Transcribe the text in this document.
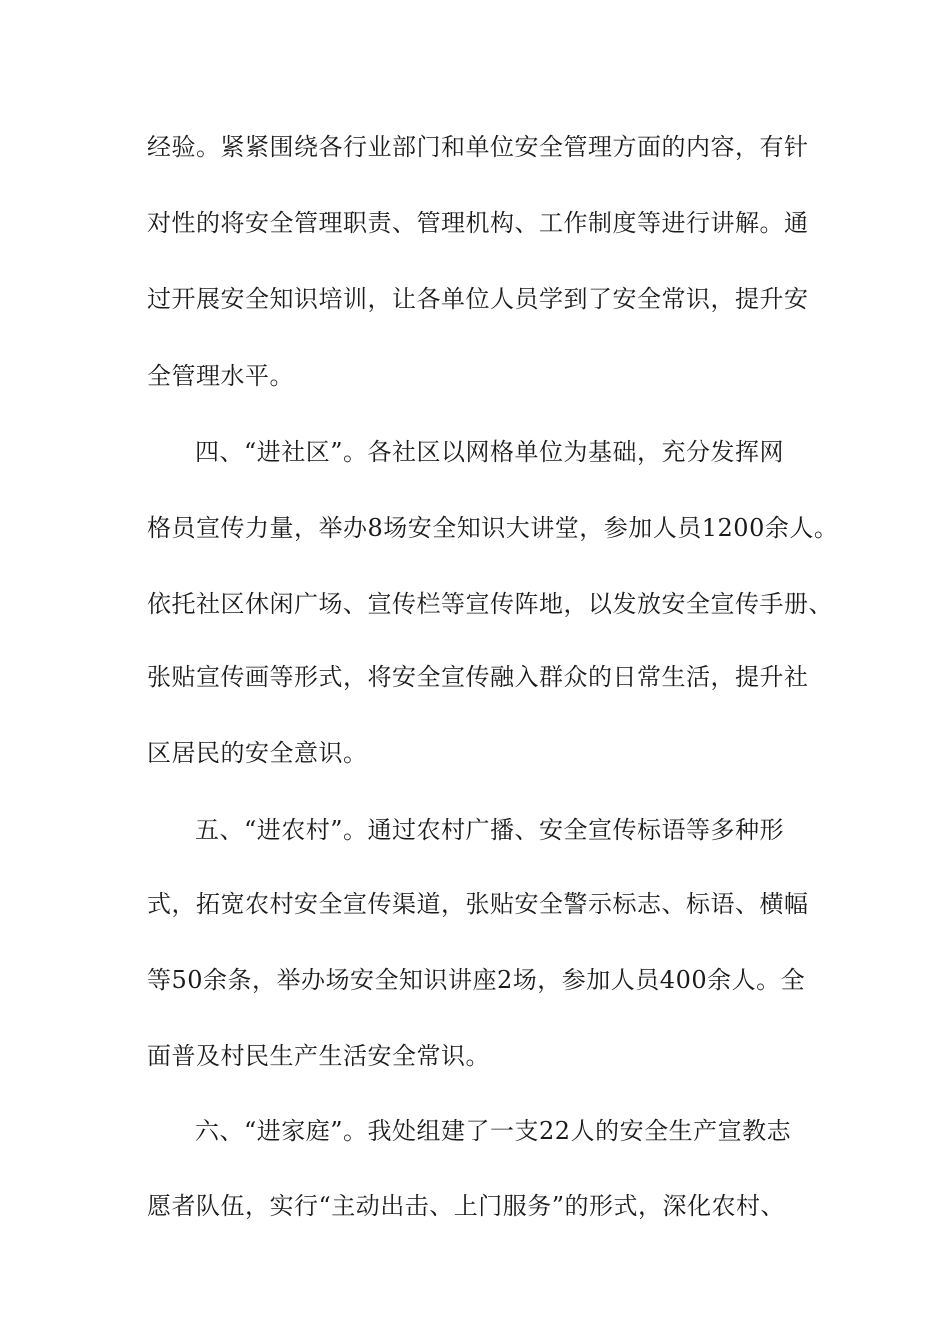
经验。紧紧围绕各行业部门和单位安全管理方面的内容，有针
对性的将安全管理职责、管理机构、工作制度等进行讲解。通
过开展安全知识培训，让各单位人员学到了安全常识，提升安
全管理水平。
四、“进社区”。各社区以网格单位为基础，充分发挥网
格员宣传力量，举办8场安全知识大讲堂，参加人员1200余人。
依托社区休闲广场、宣传栏等宣传阵地，以发放安全宣传手册、
张贴宣传画等形式，将安全宣传融入群众的日常生活，提升社
区居民的安全意识。
五、“进农村”。通过农村广播、安全宣传标语等多种形
式，拓宽农村安全宣传渠道，张贴安全警示标志、标语、横幅
等50余条，举办场安全知识讲座2场，参加人员400余人。全
面普及村民生产生活安全常识。
六、“进家庭”。我处组建了一支22人的安全生产宣教志
愿者队伍，实行“主动出击、上门服务”的形式，深化农村、
